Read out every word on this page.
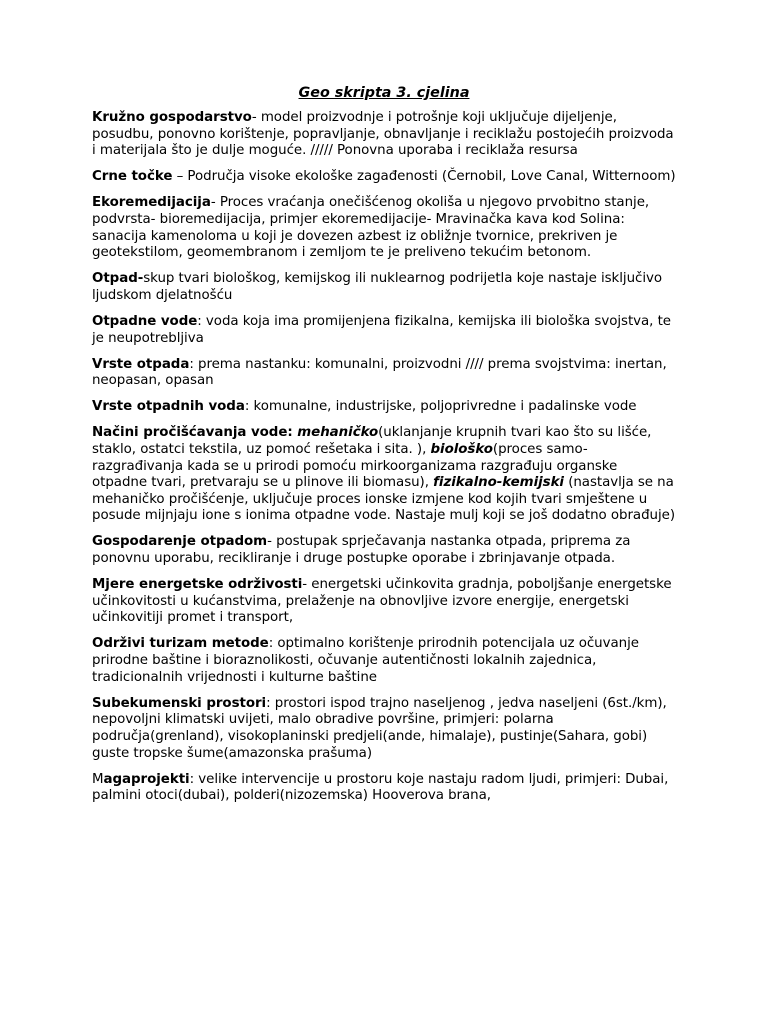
Geo skripta 3. cjelina

Kružno gospodarstvo- model proizvodnje i potrošnje koji uključuje dijeljenje, posudbu, ponovno korištenje, popravljanje, obnavljanje i reciklažu postojećih proizvoda i materijala što je dulje moguće. ///// Ponovna uporaba i reciklaža resursa

Crne točke – Područja visoke ekološke zagađenosti (Černobil, Love Canal, Witternoom)

Ekoremedijacija- Proces vraćanja onečišćenog okoliša u njegovo prvobitno stanje, podvrsta- bioremedijacija, primjer ekoremedijacije- Mravinačka kava kod Solina: sanacija kamenoloma u koji je dovezen azbest iz obližnje tvornice, prekriven je geotekstilom, geomembranom i zemljom te je preliveno tekućim betonom.

Otpad-skup tvari biološkog, kemijskog ili nuklearnog podrijetla koje nastaje isključivo ljudskom djelatnošću

Otpadne vode: voda koja ima promijenjena fizikalna, kemijska ili biološka svojstva, te je neupotrebljiva

Vrste otpada: prema nastanku: komunalni, proizvodni //// prema svojstvima: inertan, neopasan, opasan

Vrste otpadnih voda: komunalne, industrijske, poljoprivredne i padalinske vode

Načini pročišćavanja vode: mehaničko(uklanjanje krupnih tvari kao što su lišće, staklo, ostatci tekstila, uz pomoć rešetaka i sita. ), biološko(proces samo-razgrađivanja kada se u prirodi pomoću mirkoorganizama razgrađuju organske otpadne tvari, pretvaraju se u plinove ili biomasu), fizikalno-kemijski (nastavlja se na mehaničko pročišćenje, uključuje proces ionske izmjene kod kojih tvari smještene u posude mijnjaju ione s ionima otpadne vode. Nastaje mulj koji se još dodatno obrađuje)

Gospodarenje otpadom- postupak sprječavanja nastanka otpada, priprema za ponovnu uporabu, recikliranje i druge postupke oporabe i zbrinjavanje otpada.

Mjere energetske održivosti- energetski učinkovita gradnja, poboljšanje energetske učinkovitosti u kućanstvima, prelaženje na obnovljive izvore energije, energetski učinkovitiji promet i transport,

Održivi turizam metode: optimalno korištenje prirodnih potencijala uz očuvanje prirodne baštine i bioraznolikosti, očuvanje autentičnosti lokalnih zajednica, tradicionalnih vrijednosti i kulturne baštine

Subekumenski prostori: prostori ispod trajno naseljenog , jedva naseljeni (6st./km), nepovoljni klimatski uvijeti, malo obradive površine, primjeri: polarna područja(grenland), visokoplaninski predjeli(ande, himalaje), pustinje(Sahara, gobi) guste tropske šume(amazonska prašuma)

Magaprojekti: velike intervencije u prostoru koje nastaju radom ljudi, primjeri: Dubai, palmini otoci(dubai), polderi(nizozemska) Hooverova brana,
